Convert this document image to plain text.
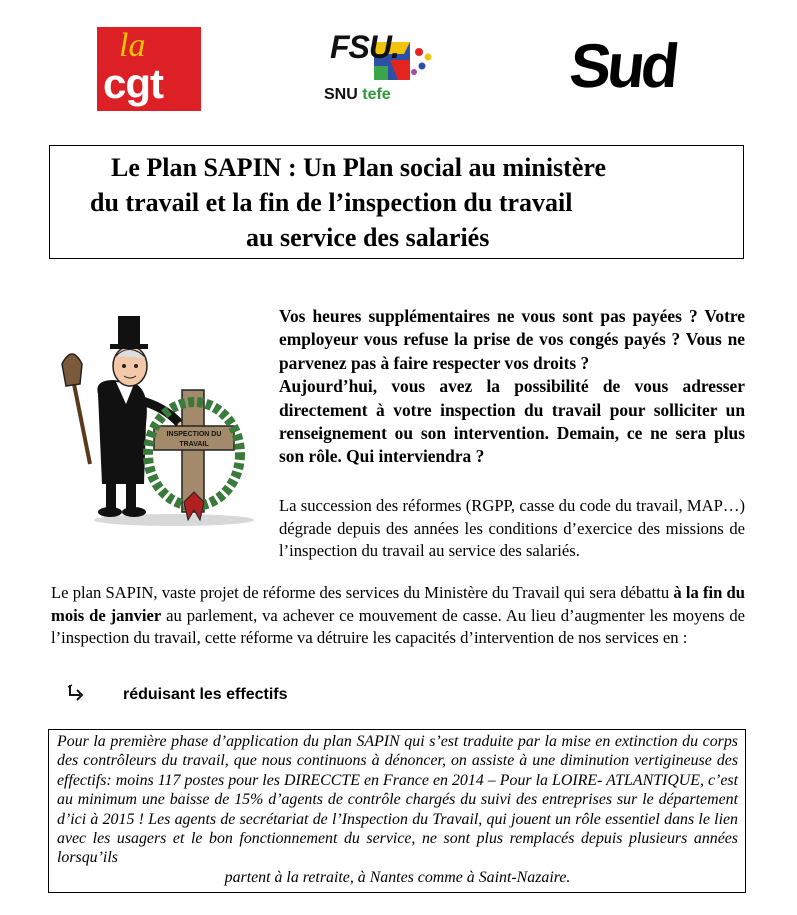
la
cgt
FSU.
SNU tefe	Sud
Le Plan SAPIN : Un Plan social au ministère
du travail et la fin de l’inspection du travail
au service des salariés
INSPECTION DU
TRAVAIL

Vos heures supplémentaires ne vous sont pas payées ? Votre employeur vous refuse la prise de vos congés payés ? Vous ne parvenez pas à faire respecter vos droits ?

Aujourd’hui, vous avez la possibilité de vous adresser directement à votre inspection du travail pour solliciter un renseignement ou son intervention. Demain, ce ne sera plus son rôle. Qui interviendra ?

La succession des réformes (RGPP, casse du code du travail, MAP…) dégrade depuis des années les conditions d’exercice des missions de l’inspection du travail au service des salariés.
Le plan SAPIN, vaste projet de réforme des services du Ministère du Travail qui sera débattu à la fin du mois de janvier au parlement, va achever ce mouvement de casse. Au lieu d’augmenter les moyens de l’inspection du travail, cette réforme va détruire les capacités d’intervention de nos services en :
réduisant les effectifs

Pour la première phase d’application du plan SAPIN qui s’est traduite par la mise en extinction du corps des contrôleurs du travail, que nous continuons à dénoncer, on assiste à une diminution vertigineuse des effectifs: moins 117 postes pour les DIRECCTE en France en 2014 – Pour la LOIRE- ATLANTIQUE, c’est au minimum une baisse de 15% d’agents de contrôle chargés du suivi des entreprises sur le département d’ici à 2015 ! Les agents de secrétariat de l’Inspection du Travail, qui jouent un rôle essentiel dans le lien avec les usagers et le bon fonctionnement du service, ne sont plus remplacés depuis plusieurs années lorsqu’ils

partent à la retraite, à Nantes comme à Saint-Nazaire.
